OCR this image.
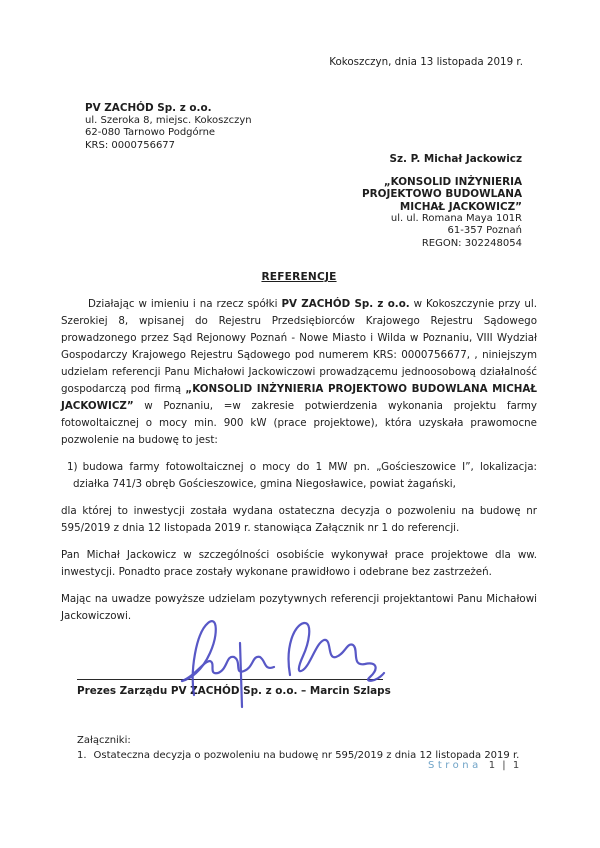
Kokoszczyn, dnia 13 listopada 2019 r.
PV ZACHÓD Sp. z o.o.
ul. Szeroka 8, miejsc. Kokoszczyn
62-080 Tarnowo Podgórne
KRS: 0000756677
Sz. P. Michał Jackowicz
„KONSOLID INŻYNIERIA
PROJEKTOWO BUDOWLANA
MICHAŁ JACKOWICZ”
ul. ul. Romana Maya 101R
61-357 Poznań
REGON: 302248054
REFERENCJE

Działając w imieniu i na rzecz spółki PV ZACHÓD Sp. z o.o. w Kokoszczynie przy ul. Szerokiej 8, wpisanej do Rejestru Przedsiębiorców Krajowego Rejestru Sądowego prowadzonego przez Sąd Rejonowy Poznań - Nowe Miasto i Wilda w Poznaniu, VIII Wydział Gospodarczy Krajowego Rejestru Sądowego pod numerem KRS: 0000756677, , niniejszym udzielam referencji Panu Michałowi Jackowiczowi prowadzącemu jednoosobową działalność gospodarczą pod firmą „KONSOLID INŻYNIERIA PROJEKTOWO BUDOWLANA MICHAŁ JACKOWICZ” w Poznaniu, =w zakresie potwierdzenia wykonania projektu farmy fotowoltaicznej o mocy min. 900 kW (prace projektowe), która uzyskała prawomocne pozwolenie na budowę to jest:

1) budowa farmy fotowoltaicznej o mocy do 1 MW pn. „Gościeszowice I”, lokalizacja: działka 741/3 obręb Gościeszowice, gmina Niegosławice, powiat żagański,

dla której to inwestycji została wydana ostateczna decyzja o pozwoleniu na budowę nr 595/2019 z dnia 12 listopada 2019 r. stanowiąca Załącznik nr 1 do referencji.

Pan Michał Jackowicz w szczególności osobiście wykonywał prace projektowe dla ww. inwestycji. Ponadto prace zostały wykonane prawidłowo i odebrane bez zastrzeżeń.

Mając na uwadze powyższe udzielam pozytywnych referencji projektantowi Panu Michałowi Jackowiczowi.

Prezes Zarządu PV ZACHÓD Sp. z o.o. – Marcin Szlaps
Załączniki:
1. Ostateczna decyzja o pozwoleniu na budowę nr 595/2019 z dnia 12 listopada 2019 r.
Strona 1 | 1
